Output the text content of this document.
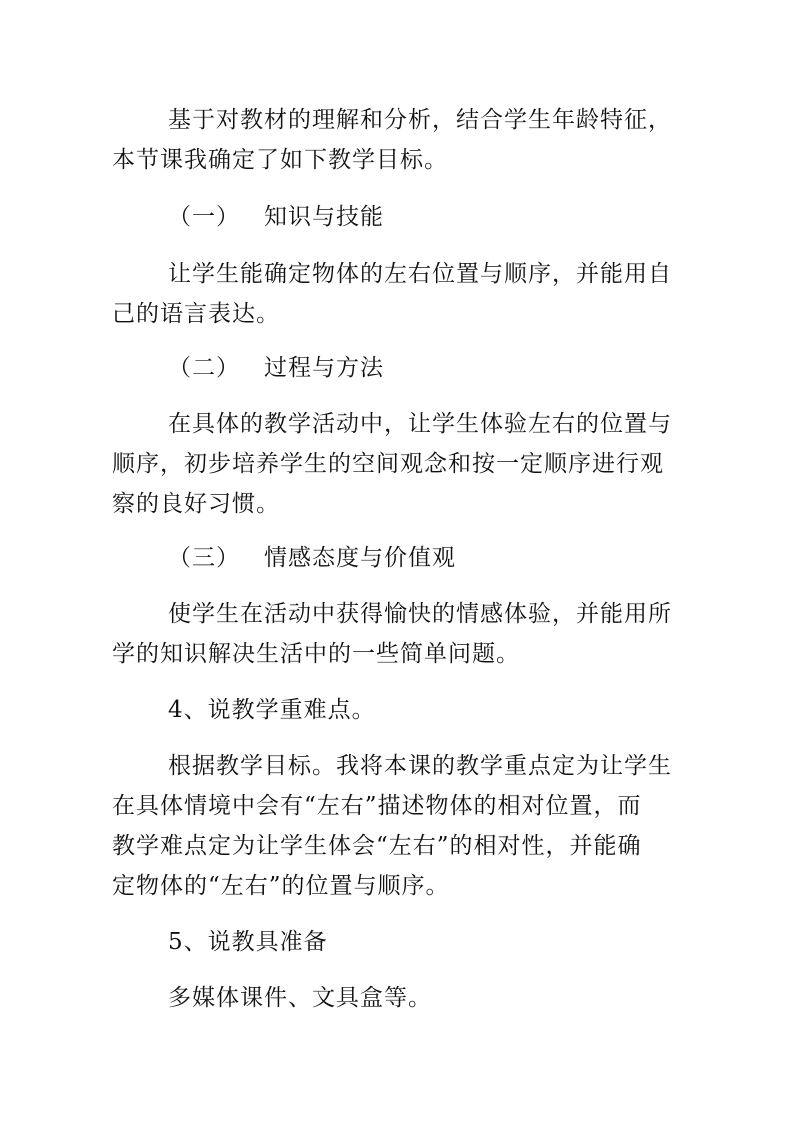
基于对教材的理解和分析，结合学生年龄特征，
本节课我确定了如下教学目标。
（一） 知识与技能
让学生能确定物体的左右位置与顺序，并能用自
己的语言表达。
（二） 过程与方法
在具体的教学活动中，让学生体验左右的位置与
顺序，初步培养学生的空间观念和按一定顺序进行观
察的良好习惯。
（三） 情感态度与价值观
使学生在活动中获得愉快的情感体验，并能用所
学的知识解决生活中的一些简单问题。
4、说教学重难点。
根据教学目标。我将本课的教学重点定为让学生
在具体情境中会有“左右”描述物体的相对位置，而
教学难点定为让学生体会“左右”的相对性，并能确
定物体的“左右”的位置与顺序。
5、说教具准备
多媒体课件、文具盒等。
